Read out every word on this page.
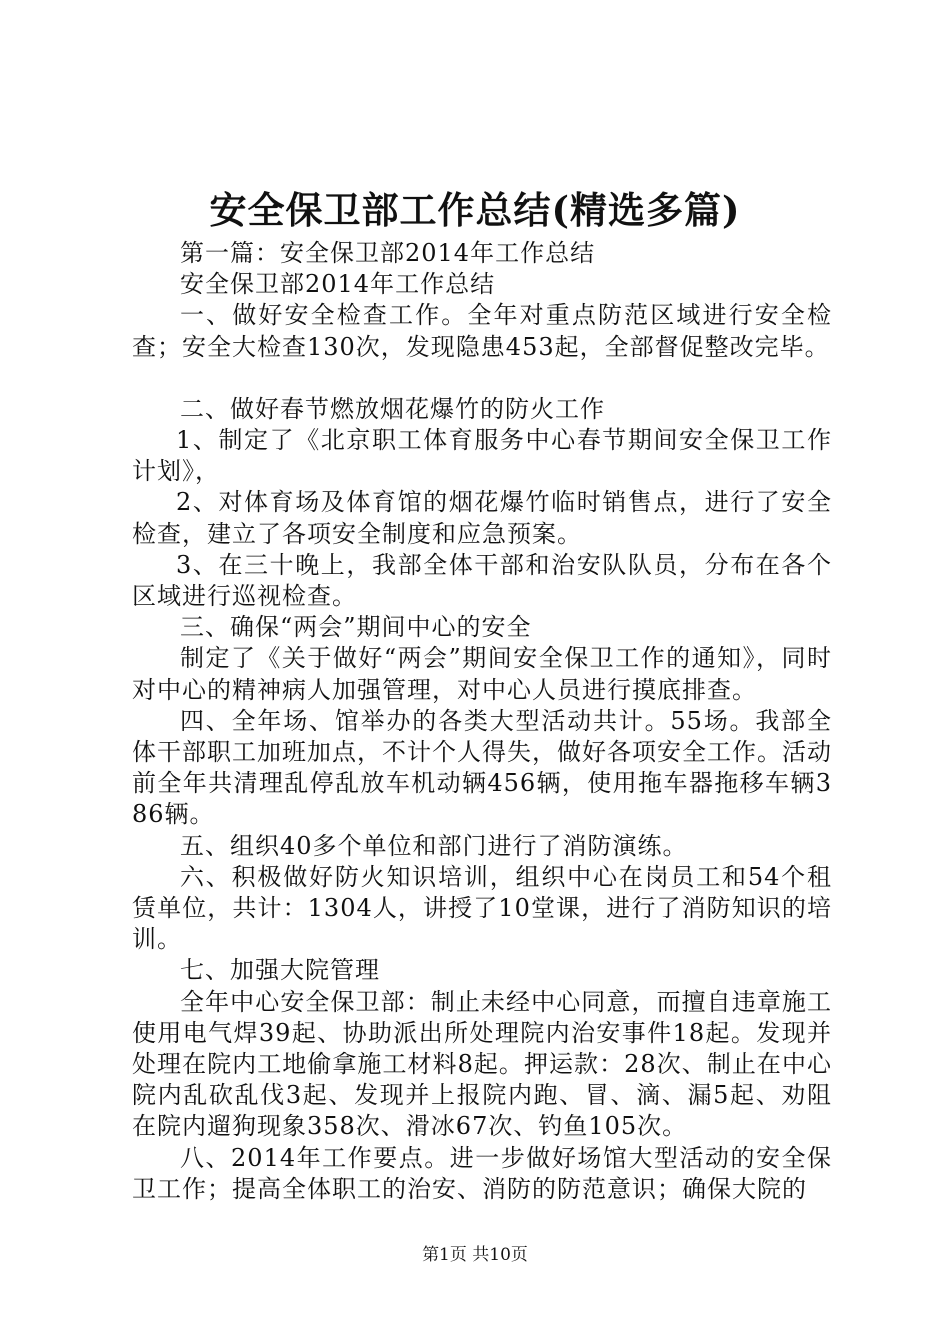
安全保卫部工作总结(精选多篇)

第一篇：安全保卫部2014年工作总结

安全保卫部2014年工作总结

一、做好安全检查工作。全年对重点防范区域进行安全检查；安全大检查130次，发现隐患453起，全部督促整改完毕。

二、做好春节燃放烟花爆竹的防火工作

1、制定了《北京职工体育服务中心春节期间安全保卫工作计划》，

2、对体育场及体育馆的烟花爆竹临时销售点，进行了安全检查，建立了各项安全制度和应急预案。

3、在三十晚上，我部全体干部和治安队队员，分布在各个区域进行巡视检查。

三、确保“两会”期间中心的安全

制定了《关于做好“两会”期间安全保卫工作的通知》，同时对中心的精神病人加强管理，对中心人员进行摸底排查。

四、全年场、馆举办的各类大型活动共计。55场。我部全体干部职工加班加点，不计个人得失，做好各项安全工作。活动前全年共清理乱停乱放车机动辆456辆，使用拖车器拖移车辆386辆。

五、组织40多个单位和部门进行了消防演练。

六、积极做好防火知识培训，组织中心在岗员工和54个租赁单位，共计：1304人，讲授了10堂课，进行了消防知识的培训。

七、加强大院管理

全年中心安全保卫部：制止未经中心同意，而擅自违章施工使用电气焊39起、协助派出所处理院内治安事件18起。发现并处理在院内工地偷拿施工材料8起。押运款：28次、制止在中心院内乱砍乱伐3起、发现并上报院内跑、冒、滴、漏5起、劝阻在院内遛狗现象358次、滑冰67次、钓鱼105次。

八、2014年工作要点。进一步做好场馆大型活动的安全保卫工作；提高全体职工的治安、消防的防范意识；确保大院的

第1页 共10页
